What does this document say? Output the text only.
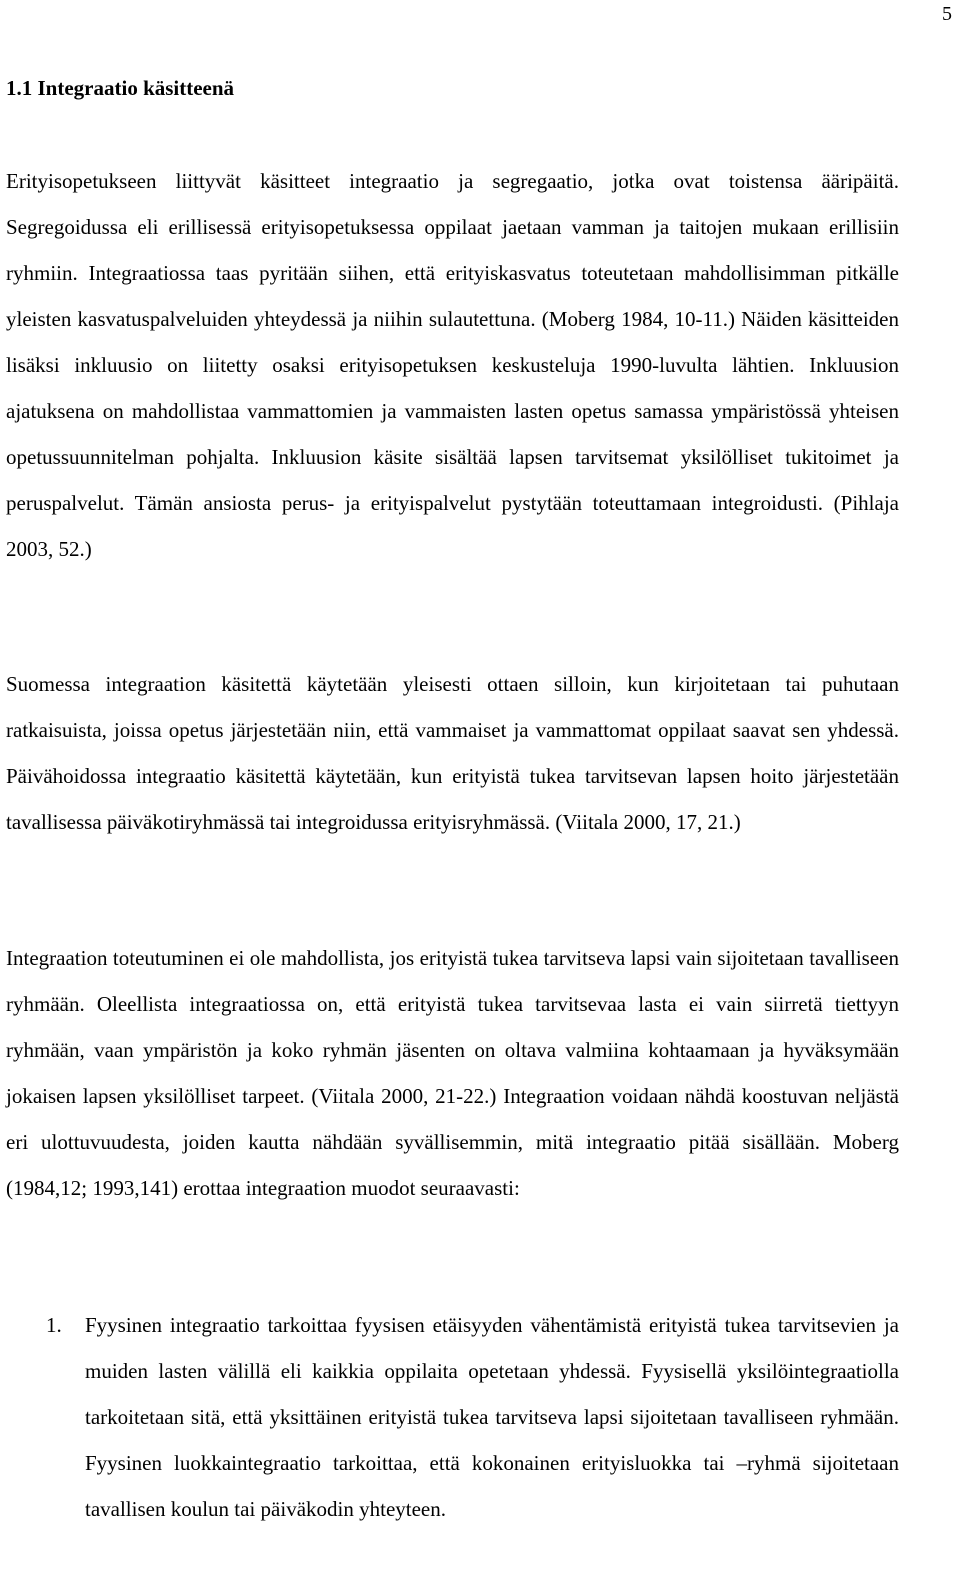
5
1.1 Integraatio käsitteenä

Erityisopetukseen liittyvät käsitteet integraatio ja segregaatio, jotka ovat toistensa ääripäitä. Segregoidussa eli erillisessä erityisopetuksessa oppilaat jaetaan vamman ja taitojen mukaan erillisiin ryhmiin. Integraatiossa taas pyritään siihen, että erityiskasvatus toteutetaan mahdollisimman pitkälle yleisten kasvatuspalveluiden yhteydessä ja niihin sulautettuna. (Moberg 1984, 10-11.) Näiden käsitteiden lisäksi inkluusio on liitetty osaksi erityisopetuksen keskusteluja 1990-luvulta lähtien. Inkluusion ajatuksena on mahdollistaa vammattomien ja vammaisten lasten opetus samassa ympäristössä yhteisen opetussuunnitelman pohjalta. Inkluusion käsite sisältää lapsen tarvitsemat yksilölliset tukitoimet ja peruspalvelut. Tämän ansiosta perus- ja erityispalvelut pystytään toteuttamaan integroidusti. (Pihlaja 2003, 52.)

Suomessa integraation käsitettä käytetään yleisesti ottaen silloin, kun kirjoitetaan tai puhutaan ratkaisuista, joissa opetus järjestetään niin, että vammaiset ja vammattomat oppilaat saavat sen yhdessä. Päivähoidossa integraatio käsitettä käytetään, kun erityistä tukea tarvitsevan lapsen hoito järjestetään tavallisessa päiväkotiryhmässä tai integroidussa erityisryhmässä. (Viitala 2000, 17, 21.)

Integraation toteutuminen ei ole mahdollista, jos erityistä tukea tarvitseva lapsi vain sijoitetaan tavalliseen ryhmään. Oleellista integraatiossa on, että erityistä tukea tarvitsevaa lasta ei vain siirretä tiettyyn ryhmään, vaan ympäristön ja koko ryhmän jäsenten on oltava valmiina kohtaamaan ja hyväksymään jokaisen lapsen yksilölliset tarpeet. (Viitala 2000, 21-22.) Integraation voidaan nähdä koostuvan neljästä eri ulottuvuudesta, joiden kautta nähdään syvällisemmin, mitä integraatio pitää sisällään. Moberg (1984,12; 1993,141) erottaa integraation muodot seuraavasti:

1. Fyysinen integraatio tarkoittaa fyysisen etäisyyden vähentämistä erityistä tukea tarvitsevien ja muiden lasten välillä eli kaikkia oppilaita opetetaan yhdessä. Fyysisellä yksilöintegraatiolla tarkoitetaan sitä, että yksittäinen erityistä tukea tarvitseva lapsi sijoitetaan tavalliseen ryhmään. Fyysinen luokkaintegraatio tarkoittaa, että kokonainen erityisluokka tai –ryhmä sijoitetaan tavallisen koulun tai päiväkodin yhteyteen.
